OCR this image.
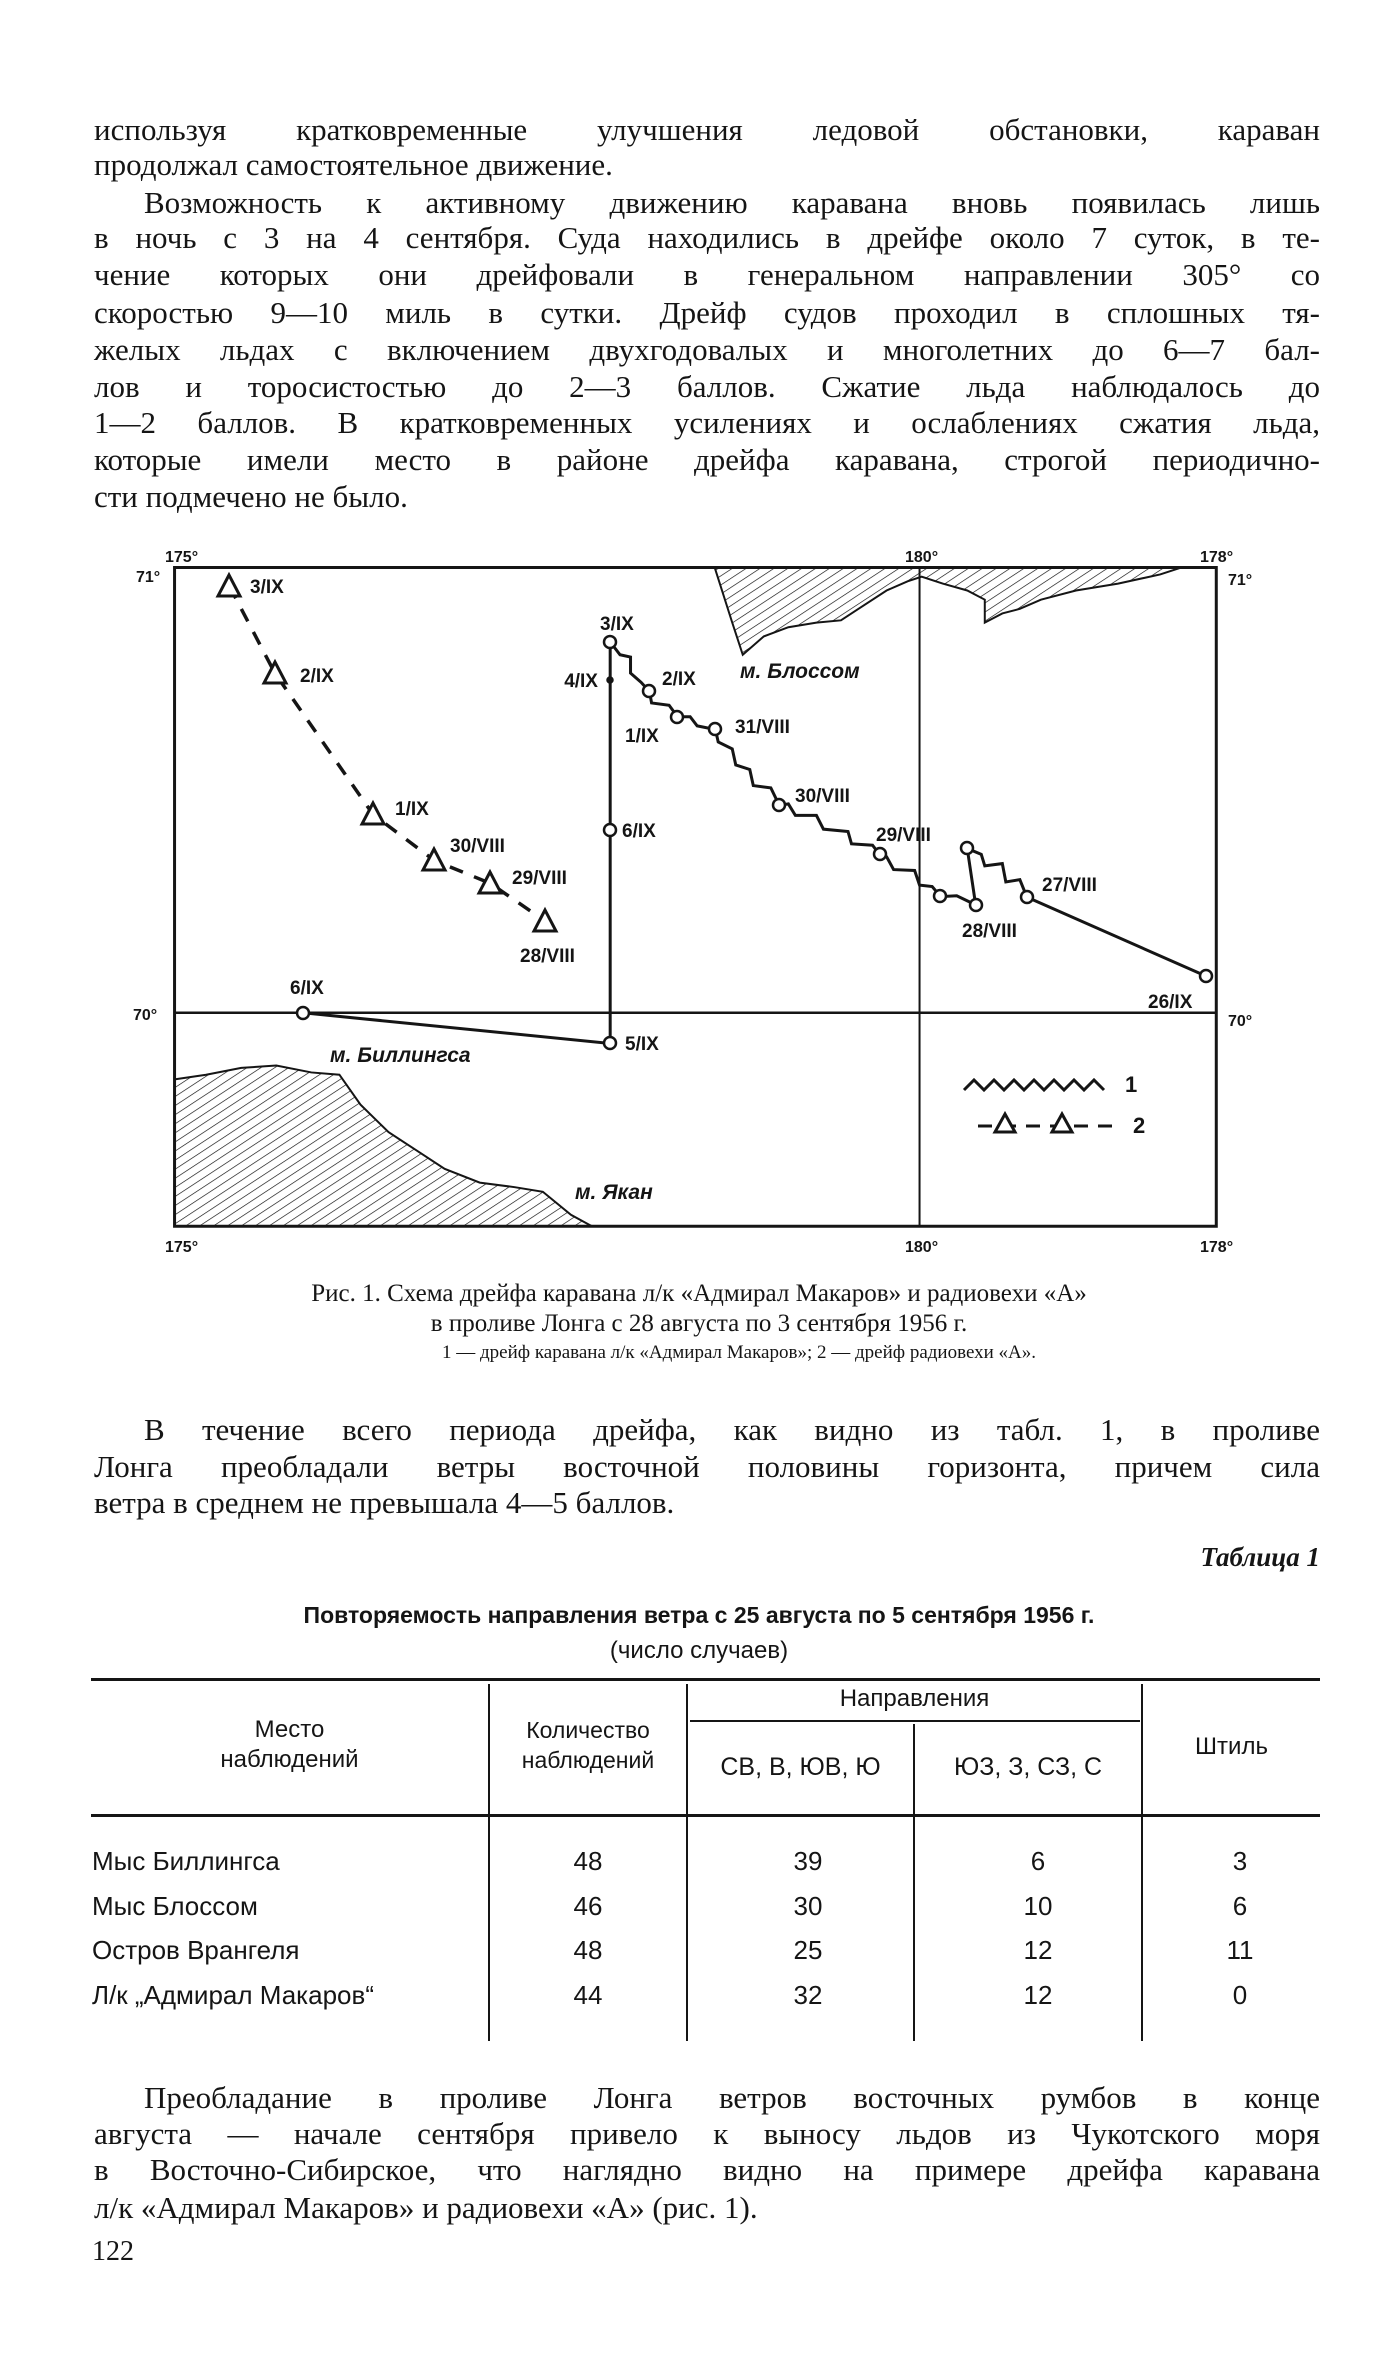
используя кратковременные улучшения ледовой обстановки, караван
продолжал самостоятельное движение.
Возможность к активному движению каравана вновь появилась лишь
в ночь с 3 на 4 сентября. Суда находились в дрейфе около 7 суток, в те-
чение которых они дрейфовали в генеральном направлении 305° со
скоростью 9—10 миль в сутки. Дрейф судов проходил в сплошных тя-
желых льдах с включением двухгодовалых и многолетних до 6—7 бал-
лов и торосистостью до 2—3 баллов. Сжатие льда наблюдалось до
1—2 баллов. В кратковременных усилениях и ослаблениях сжатия льда,
которые имели место в районе дрейфа каравана, строгой периодично-
сти подмечено не было.
175°	180°	178°
71°	71°
70°	70°
175°	180°	178°
3/IX
2/IX
1/IX
30/VIII
29/VIII
28/VIII
3/IX
4/IX	2/IX
1/IX	31/VIII
30/VIII
29/VIII
28/VIII
27/VIII
26/IX
6/IX
5/IX
6/IX
м. Блоссом
м. Биллингса
м. Якан
1
2
Рис. 1. Схема дрейфа каравана л/к «Адмирал Макаров» и радиовехи «А»
в проливе Лонга с 28 августа по 3 сентября 1956 г.
1 — дрейф каравана л/к «Адмирал Макаров»; 2 — дрейф радиовехи «А».
В течение всего периода дрейфа, как видно из табл. 1, в проливе
Лонга преобладали ветры восточной половины горизонта, причем сила
ветра в среднем не превышала 4—5 баллов.
Таблица 1
Повторяемость направления ветра с 25 августа по 5 сентября 1956 г.
(число случаев)
Место
наблюдений
Количество
наблюдений
Направления
СВ, В, ЮВ, Ю	ЮЗ, З, СЗ, С
Штиль
Мыс Биллингса	48	39	6	3
Мыс Блоссом	46	30	10	6
Остров Врангеля	48	25	12	11
Л/к „Адмирал Макаров“	44	32	12	0
Преобладание в проливе Лонга ветров восточных румбов в конце
августа — начале сентября привело к выносу льдов из Чукотского моря
в Восточно-Сибирское, что наглядно видно на примере дрейфа каравана
л/к «Адмирал Макаров» и радиовехи «А» (рис. 1).
122
